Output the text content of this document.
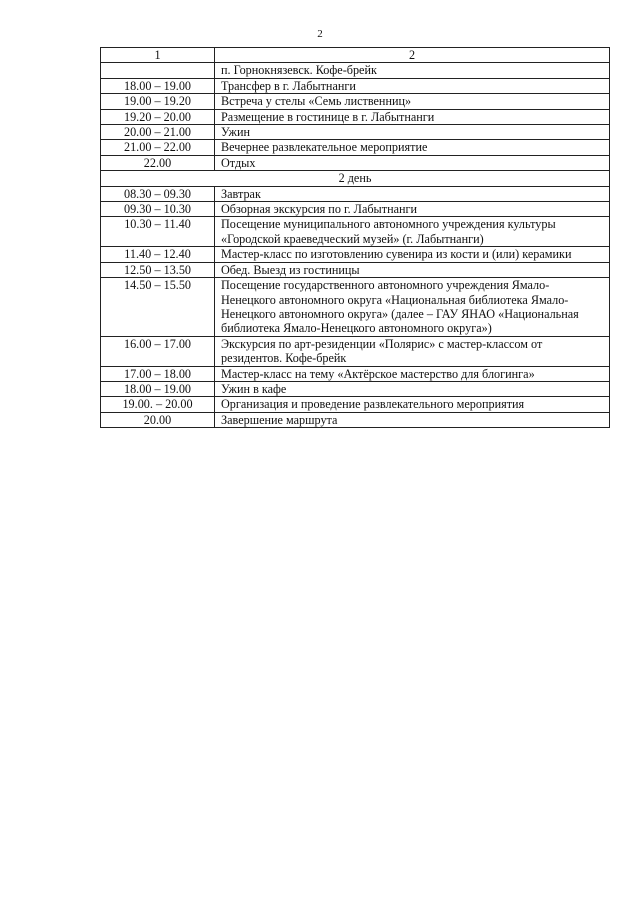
2
1	2
	п. Горнокнязевск. Кофе-брейк
18.00 – 19.00	Трансфер в г. Лабытнанги
19.00 – 19.20	Встреча у стелы «Семь лиственниц»
19.20 – 20.00	Размещение в гостинице в г. Лабытнанги
20.00 – 21.00	Ужин
21.00 – 22.00	Вечернее развлекательное мероприятие
22.00	Отдых
2 день	
08.30 – 09.30	Завтрак
09.30 – 10.30	Обзорная экскурсия по г. Лабытнанги
10.30 – 11.40	Посещение муниципального автономного учреждения культуры «Городской краеведческий музей» (г. Лабытнанги)
11.40 – 12.40	Мастер-класс по изготовлению сувенира из кости и (или) керамики
12.50 – 13.50	Обед. Выезд из гостиницы
14.50 – 15.50	Посещение государственного автономного учреждения Ямало-Ненецкого автономного округа «Национальная библиотека Ямало-Ненецкого автономного округа» (далее – ГАУ ЯНАО «Национальная библиотека Ямало-Ненецкого автономного округа»)
16.00 – 17.00	Экскурсия по арт-резиденции «Полярис» с мастер-классом от резидентов. Кофе-брейк
17.00 – 18.00	Мастер-класс на тему «Актёрское мастерство для блогинга»
18.00 – 19.00	Ужин в кафе
19.00. – 20.00	Организация и проведение развлекательного мероприятия
20.00	Завершение маршрута
